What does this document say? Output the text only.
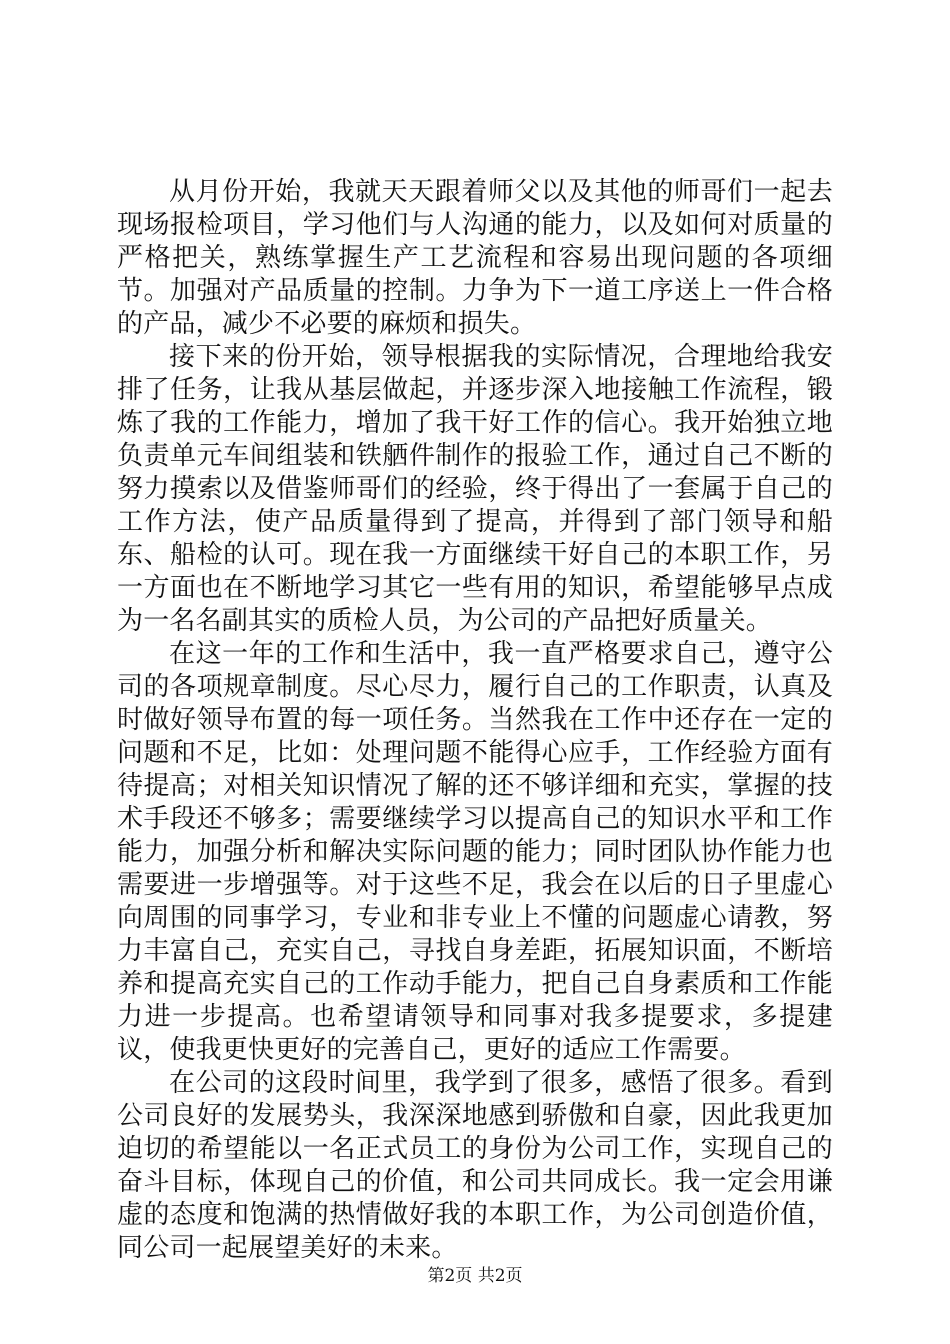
从月份开始，我就天天跟着师父以及其他的师哥们一起去现场报检项目，学习他们与人沟通的能力，以及如何对质量的严格把关，熟练掌握生产工艺流程和容易出现问题的各项细节。加强对产品质量的控制。力争为下一道工序送上一件合格的产品，减少不必要的麻烦和损失。

接下来的份开始，领导根据我的实际情况，合理地给我安排了任务，让我从基层做起，并逐步深入地接触工作流程，锻炼了我的工作能力，增加了我干好工作的信心。我开始独立地负责单元车间组装和铁舾件制作的报验工作，通过自己不断的努力摸索以及借鉴师哥们的经验，终于得出了一套属于自己的工作方法，使产品质量得到了提高，并得到了部门领导和船东、船检的认可。现在我一方面继续干好自己的本职工作，另一方面也在不断地学习其它一些有用的知识，希望能够早点成为一名名副其实的质检人员，为公司的产品把好质量关。

在这一年的工作和生活中，我一直严格要求自己，遵守公司的各项规章制度。尽心尽力，履行自己的工作职责，认真及时做好领导布置的每一项任务。当然我在工作中还存在一定的问题和不足，比如：处理问题不能得心应手，工作经验方面有待提高；对相关知识情况了解的还不够详细和充实，掌握的技术手段还不够多；需要继续学习以提高自己的知识水平和工作能力，加强分析和解决实际问题的能力；同时团队协作能力也需要进一步增强等。对于这些不足，我会在以后的日子里虚心向周围的同事学习，专业和非专业上不懂的问题虚心请教，努力丰富自己，充实自己，寻找自身差距，拓展知识面，不断培养和提高充实自己的工作动手能力，把自己自身素质和工作能力进一步提高。也希望请领导和同事对我多提要求，多提建议，使我更快更好的完善自己，更好的适应工作需要。

在公司的这段时间里，我学到了很多，感悟了很多。看到公司良好的发展势头，我深深地感到骄傲和自豪，因此我更加迫切的希望能以一名正式员工的身份为公司工作，实现自己的奋斗目标，体现自己的价值，和公司共同成长。我一定会用谦虚的态度和饱满的热情做好我的本职工作，为公司创造价值，同公司一起展望美好的未来。

第2页 共2页
